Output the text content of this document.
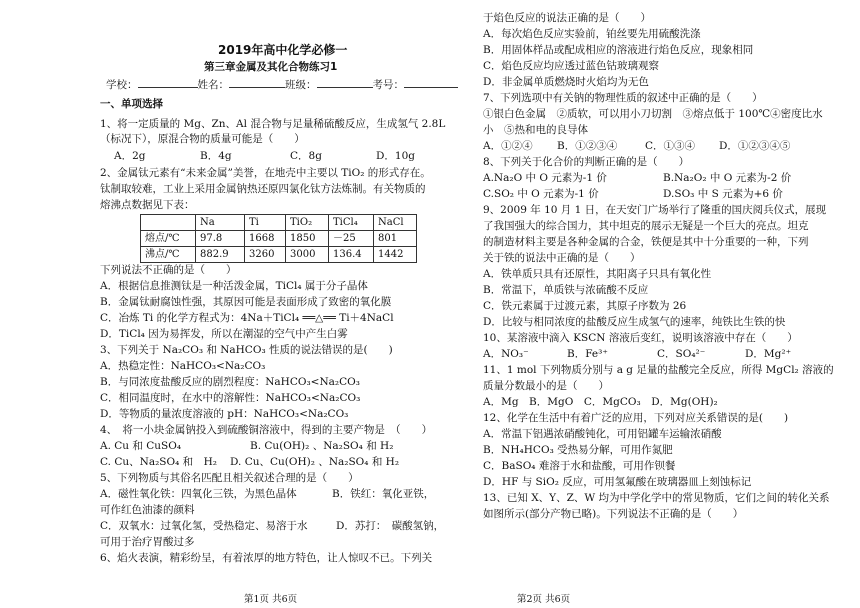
2019年高中化学必修一
第三章金属及其化合物练习1
学校：	姓名：	班级：	考号：
一、单项选择
1、将一定质量的 Mg、Zn、Al 混合物与足量稀硫酸反应，生成氢气 2.8L
（标况下），原混合物的质量可能是（　　）
A．2g	B．4g	C．8g	D．10g
2、金属钛元素有“未来金属”美誉，在地壳中主要以 TiO₂ 的形式存在。
钛制取较难，工业上采用金属钠热还原四氯化钛方法炼制。有关物质的
熔沸点数据见下表：
	Na	Ti	TiO₂	TiCl₄	NaCl
熔点/℃	97.8	1668	1850	－25	801
沸点/℃	882.9	3260	3000	136.4	1442
下列说法不正确的是（　　）
A．根据信息推测钛是一种活泼金属，TiCl₄ 属于分子晶体
B．金属钛耐腐蚀性强，其原因可能是表面形成了致密的氧化膜
C．冶炼 Ti 的化学方程式为：4Na＋TiCl₄ ══△══ Ti＋4NaCl
D．TiCl₄ 因为易挥发，所以在潮湿的空气中产生白雾
3、下列关于 Na₂CO₃ 和 NaHCO₃ 性质的说法错误的是(　　)
A．热稳定性：NaHCO₃<Na₂CO₃
B．与同浓度盐酸反应的剧烈程度：NaHCO₃<Na₂CO₃
C．相同温度时，在水中的溶解性：NaHCO₃<Na₂CO₃
D．等物质的量浓度溶液的 pH：NaHCO₃<Na₂CO₃
4、　将一小块金属钠投入到硫酸铜溶液中，得到的主要产物是　（　　）
A. Cu 和 CuSO₄	B. Cu(OH)₂ 、Na₂SO₄ 和 H₂
C. Cu、Na₂SO₄ 和　H₂ D. Cu、Cu(OH)₂ 、Na₂SO₄ 和 H₂
5、下列物质与其俗名匹配且相关叙述合理的是（　　）
A．磁性氧化铁：四氧化三铁，为黑色晶体	B．铁红：氧化亚铁，
可作红色油漆的颜料
C．双氧水：过氧化氢，受热稳定、易溶于水	D．苏打：　碳酸氢钠，
可用于治疗胃酸过多
6、焰火表演，精彩纷呈，有着浓厚的地方特色，让人惊叹不已。下列关
第1页 共6页
于焰色反应的说法正确的是（　　）
A．每次焰色反应实验前，铂丝要先用硫酸洗涤
B．用固体样品或配成相应的溶液进行焰色反应，现象相同
C．焰色反应均应透过蓝色钴玻璃观察
D．非金属单质燃烧时火焰均为无色
7、下列选项中有关钠的物理性质的叙述中正确的是（　　）
①银白色金属　②质软，可以用小刀切割　③熔点低于 100℃④密度比水
小　⑤热和电的良导体
A．①②④ B．①②③④	C．①③④ D．①②③④⑤
8、下列关于化合价的判断正确的是（　　）
A.Na₂O 中 O 元素为-1 价	B.Na₂O₂ 中 O 元素为-2 价
C.SO₂ 中 O 元素为-1 价	D.SO₃ 中 S 元素为+6 价
9、2009 年 10 月 1 日，在天安门广场举行了隆重的国庆阅兵仪式，展现
了我国强大的综合国力，其中坦克的展示无疑是一个巨大的亮点。坦克
的制造材料主要是各种金属的合金，铁便是其中十分重要的一种，下列
关于铁的说法中正确的是（　　）
A．铁单质只具有还原性，其阳离子只具有氧化性
B．常温下，单质铁与浓硫酸不反应
C．铁元素属于过渡元素，其原子序数为 26
D．比较与相同浓度的盐酸反应生成氢气的速率，纯铁比生铁的快
10、某溶液中滴入 KSCN 溶液后变红，说明该溶液中存在（　　）
A．NO₃⁻	B．Fe³⁺	C．SO₄²⁻	D．Mg²⁺
11、1 mol 下列物质分别与 a g 足量的盐酸完全反应，所得 MgCl₂ 溶液的
质量分数最小的是（　　）
A．Mg　B．MgO　C．MgCO₃　D．Mg(OH)₂
12、化学在生活中有着广泛的应用，下列对应关系错误的是(　　)
A．常温下铝遇浓硝酸钝化，可用铝罐车运输浓硝酸
B．NH₄HCO₃ 受热易分解，可用作氮肥
C．BaSO₄ 难溶于水和盐酸，可用作钡餐
D．HF 与 SiO₂ 反应，可用氢氟酸在玻璃器皿上刻蚀标记
13、已知 X、Y、Z、W 均为中学化学中的常见物质，它们之间的转化关系
如图所示(部分产物已略)。下列说法不正确的是（　　）
第2页 共6页
